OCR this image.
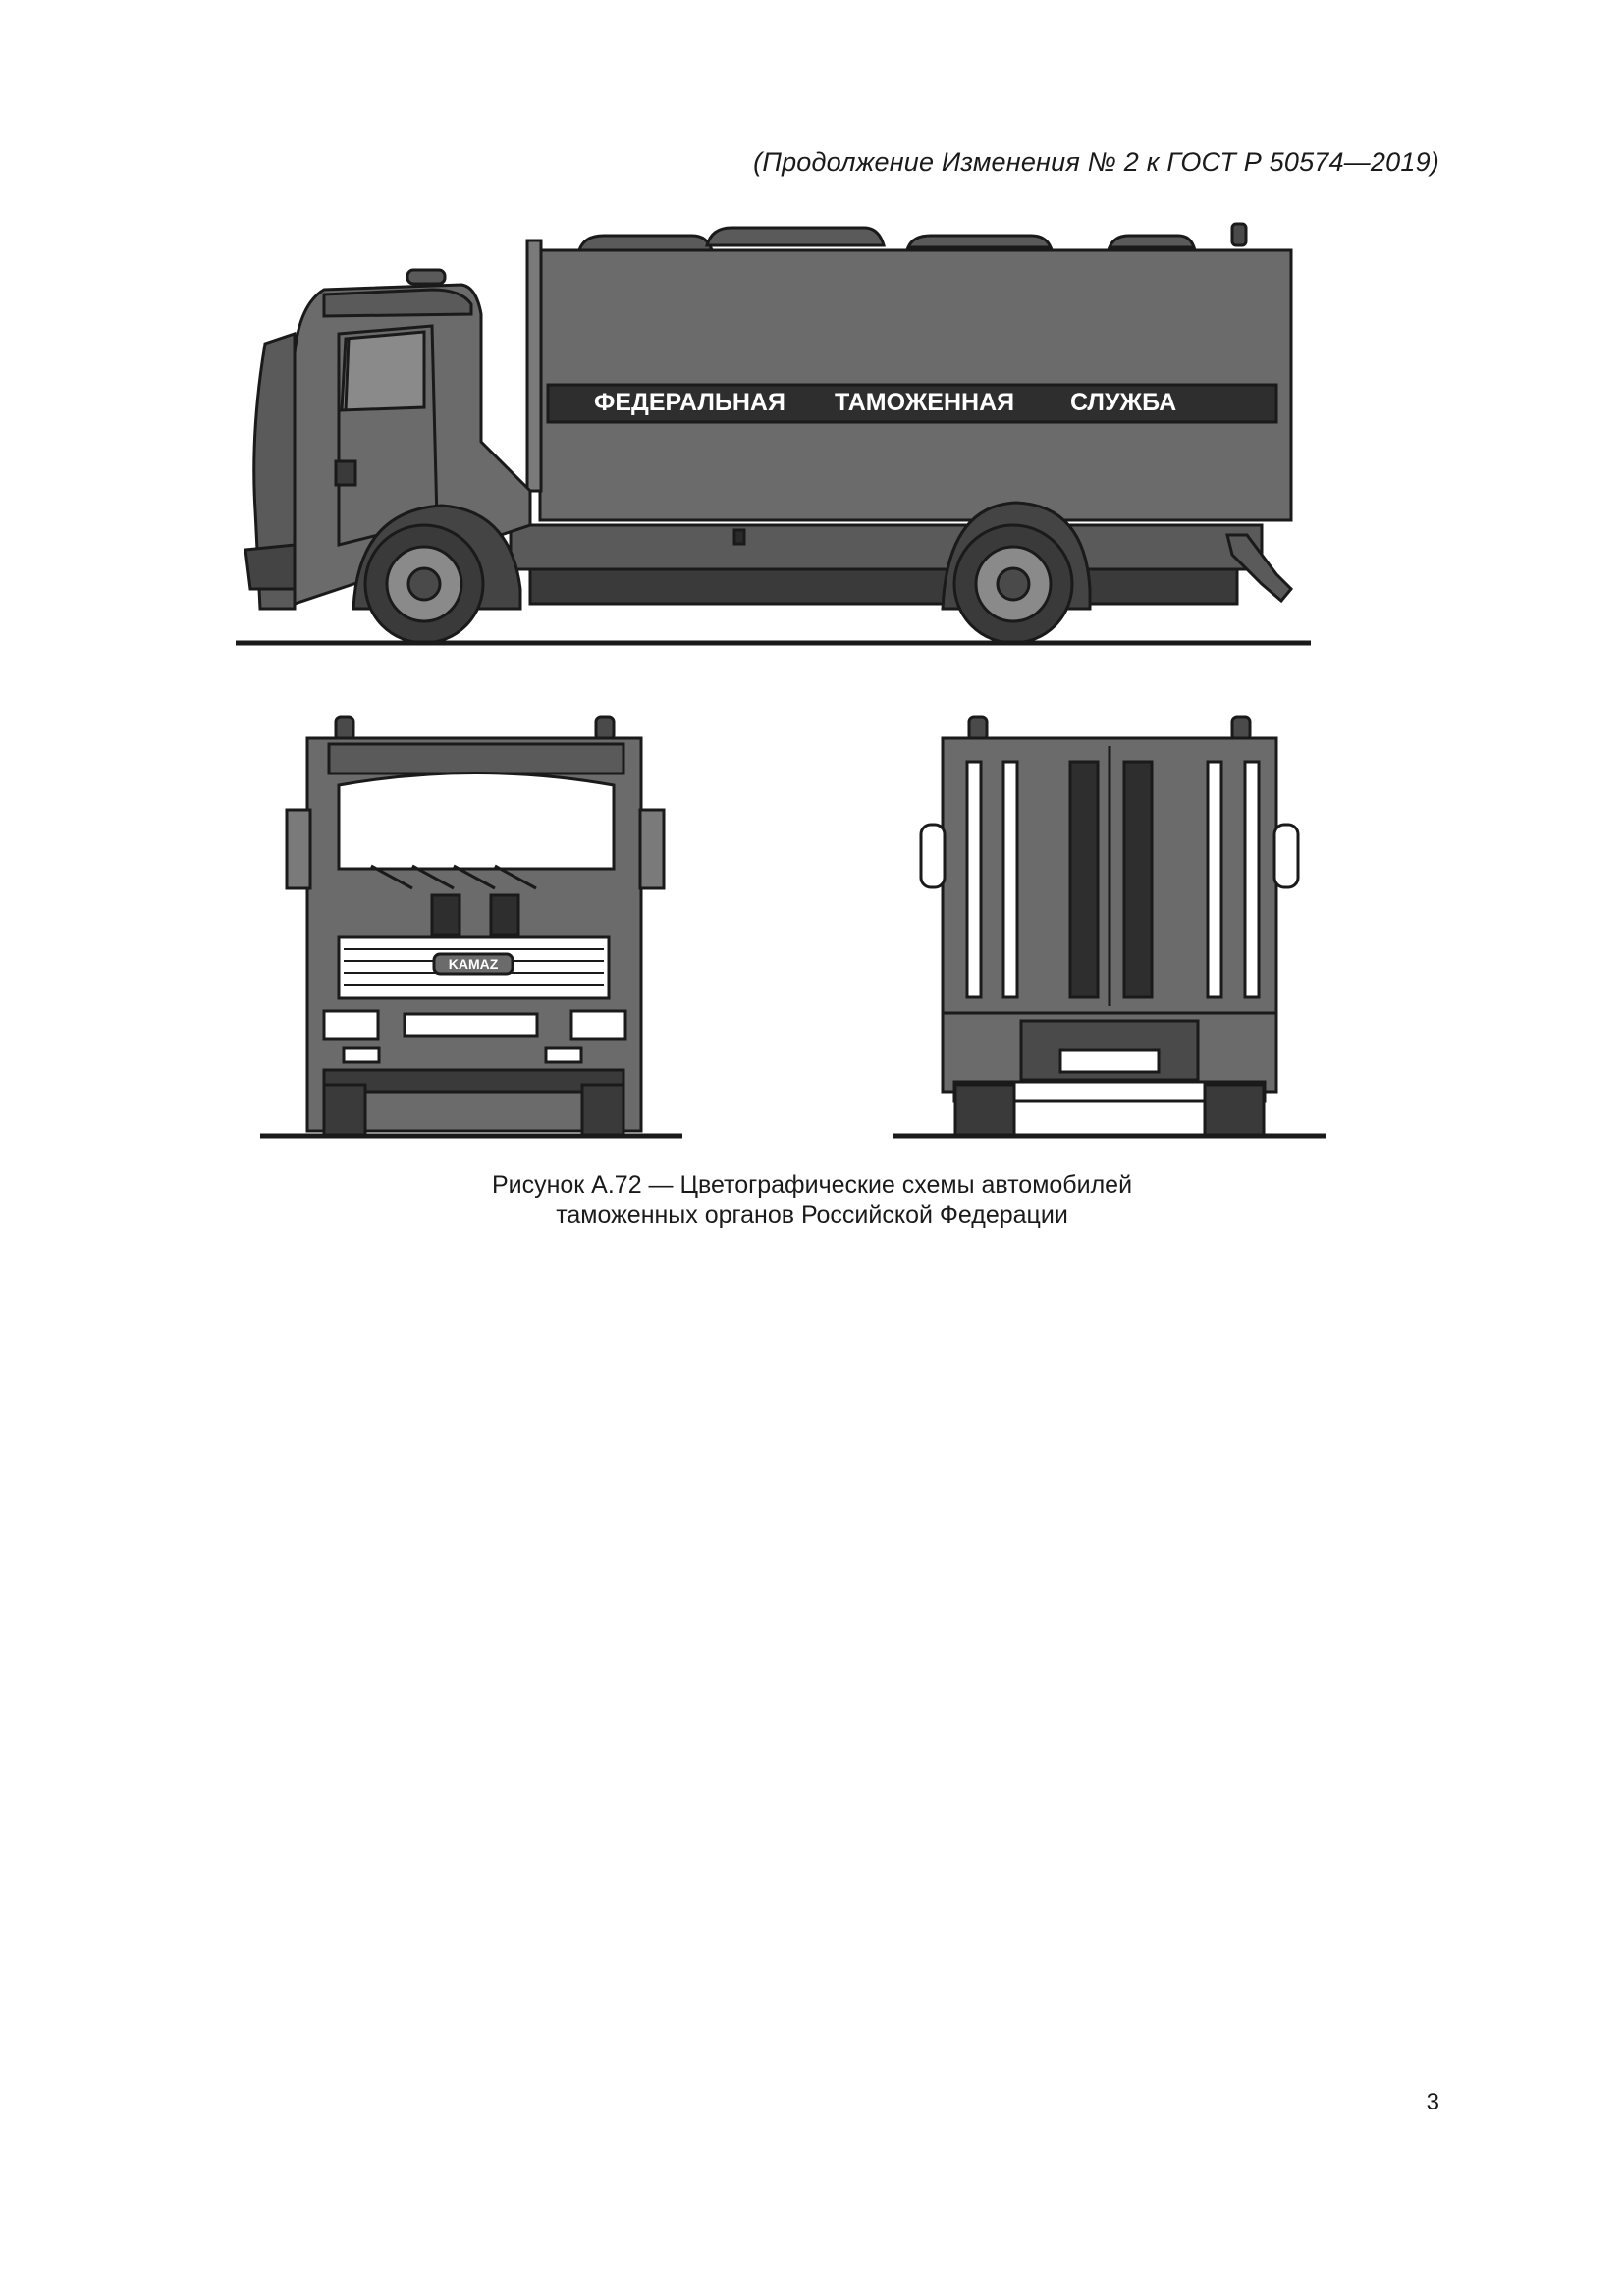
(Продолжение Изменения № 2 к ГОСТ Р 50574—2019)
ФЕДЕРАЛЬНАЯ ТАМОЖЕННАЯ СЛУЖБА
KAMAZ
Рисунок А.72 — Цветографические схемы автомобилей
таможенных органов Российской Федерации
3
